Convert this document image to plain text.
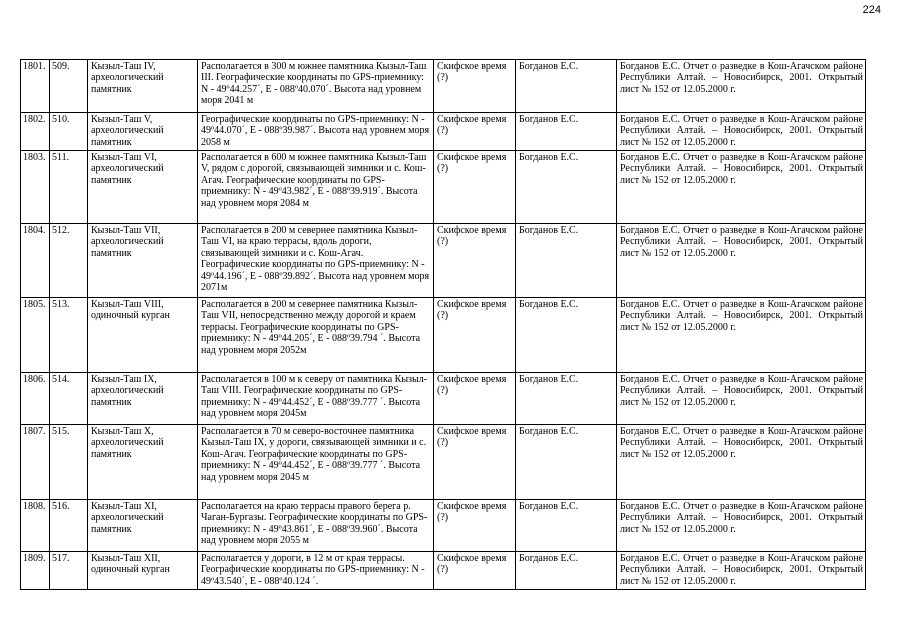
224
1801.	509.	Кызыл-Таш IV, археологический памятник	Располагается в 300 м южнее памятника Кызыл-Таш III. Географические координаты по GPS-приемнику: N - 49º44.257´, E - 088º40.070´. Высота над уровнем моря 2041 м	Скифское время (?)	Богданов Е.С.	Богданов Е.С. Отчет о разведке в Кош-Агачском районе Республики Алтай. – Новосибирск, 2001. Открытый лист № 152 от 12.05.2000 г.
1802.	510.	Кызыл-Таш V, археологический памятник	Географические координаты по GPS-приемнику: N - 49º44.070´, E - 088º39.987´. Высота над уровнем моря 2058 м	Скифское время (?)	Богданов Е.С.	Богданов Е.С. Отчет о разведке в Кош-Агачском районе Республики Алтай. – Новосибирск, 2001. Открытый лист № 152 от 12.05.2000 г.
1803.	511.	Кызыл-Таш VI, археологический памятник	Располагается в 600 м южнее памятника Кызыл-Таш V, рядом с дорогой, связывающей зимники и с. Кош-Агач. Географические координаты по GPS-приемнику: N - 49º43.982´, E - 088º39.919´. Высота над уровнем моря 2084 м	Скифское время (?)	Богданов Е.С.	Богданов Е.С. Отчет о разведке в Кош-Агачском районе Республики Алтай. – Новосибирск, 2001. Открытый лист № 152 от 12.05.2000 г.
1804.	512.	Кызыл-Таш VII, археологический памятник	Располагается в 200 м севернее памятника Кызыл-Таш VI, на краю террасы, вдоль дороги, связывающей зимники и с. Кош-Агач. Географические координаты по GPS-приемнику: N - 49º44.196´, E - 088º39.892´. Высота над уровнем моря 2071м	Скифское время (?)	Богданов Е.С.	Богданов Е.С. Отчет о разведке в Кош-Агачском районе Республики Алтай. – Новосибирск, 2001. Открытый лист № 152 от 12.05.2000 г.
1805.	513.	Кызыл-Таш VIII, одиночный курган	Располагается в 200 м севернее памятника Кызыл-Таш VII, непосредственно между дорогой и краем террасы. Географические координаты по GPS-приемнику: N - 49º44.205´, E - 088º39.794 ´. Высота над уровнем моря 2052м	Скифское время (?)	Богданов Е.С.	Богданов Е.С. Отчет о разведке в Кош-Агачском районе Республики Алтай. – Новосибирск, 2001. Открытый лист № 152 от 12.05.2000 г.
1806.	514.	Кызыл-Таш IX, археологический памятник	Располагается в 100 м к северу от памятника Кызыл-Таш VIII. Географические координаты по GPS-приемнику: N - 49º44.452´, E - 088º39.777 ´. Высота над уровнем моря 2045м	Скифское время (?)	Богданов Е.С.	Богданов Е.С. Отчет о разведке в Кош-Агачском районе Республики Алтай. – Новосибирск, 2001. Открытый лист № 152 от 12.05.2000 г.
1807.	515.	Кызыл-Таш X, археологический памятник	Располагается в 70 м северо-восточнее памятника Кызыл-Таш IX, у дороги, связывающей зимники и с. Кош-Агач. Географические координаты по GPS-приемнику: N - 49º44.452´, E - 088º39.777 ´. Высота над уровнем моря 2045 м	Скифское время (?)	Богданов Е.С.	Богданов Е.С. Отчет о разведке в Кош-Агачском районе Республики Алтай. – Новосибирск, 2001. Открытый лист № 152 от 12.05.2000 г.
1808.	516.	Кызыл-Таш XI, археологический памятник	Располагается на краю террасы правого берега р. Чаган-Бургазы. Географические координаты по GPS-приемнику: N - 49º43.861´, E - 088º39.960´. Высота над уровнем моря 2055 м	Скифское время (?)	Богданов Е.С.	Богданов Е.С. Отчет о разведке в Кош-Агачском районе Республики Алтай. – Новосибирск, 2001. Открытый лист № 152 от 12.05.2000 г.
1809.	517.	Кызыл-Таш XII, одиночный курган	Располагается у дороги, в 12 м от края террасы. Географические координаты по GPS-приемнику: N - 49º43.540´, E - 088º40.124 ´.	Скифское время (?)	Богданов Е.С.	Богданов Е.С. Отчет о разведке в Кош-Агачском районе Республики Алтай. – Новосибирск, 2001. Открытый лист № 152 от 12.05.2000 г.
